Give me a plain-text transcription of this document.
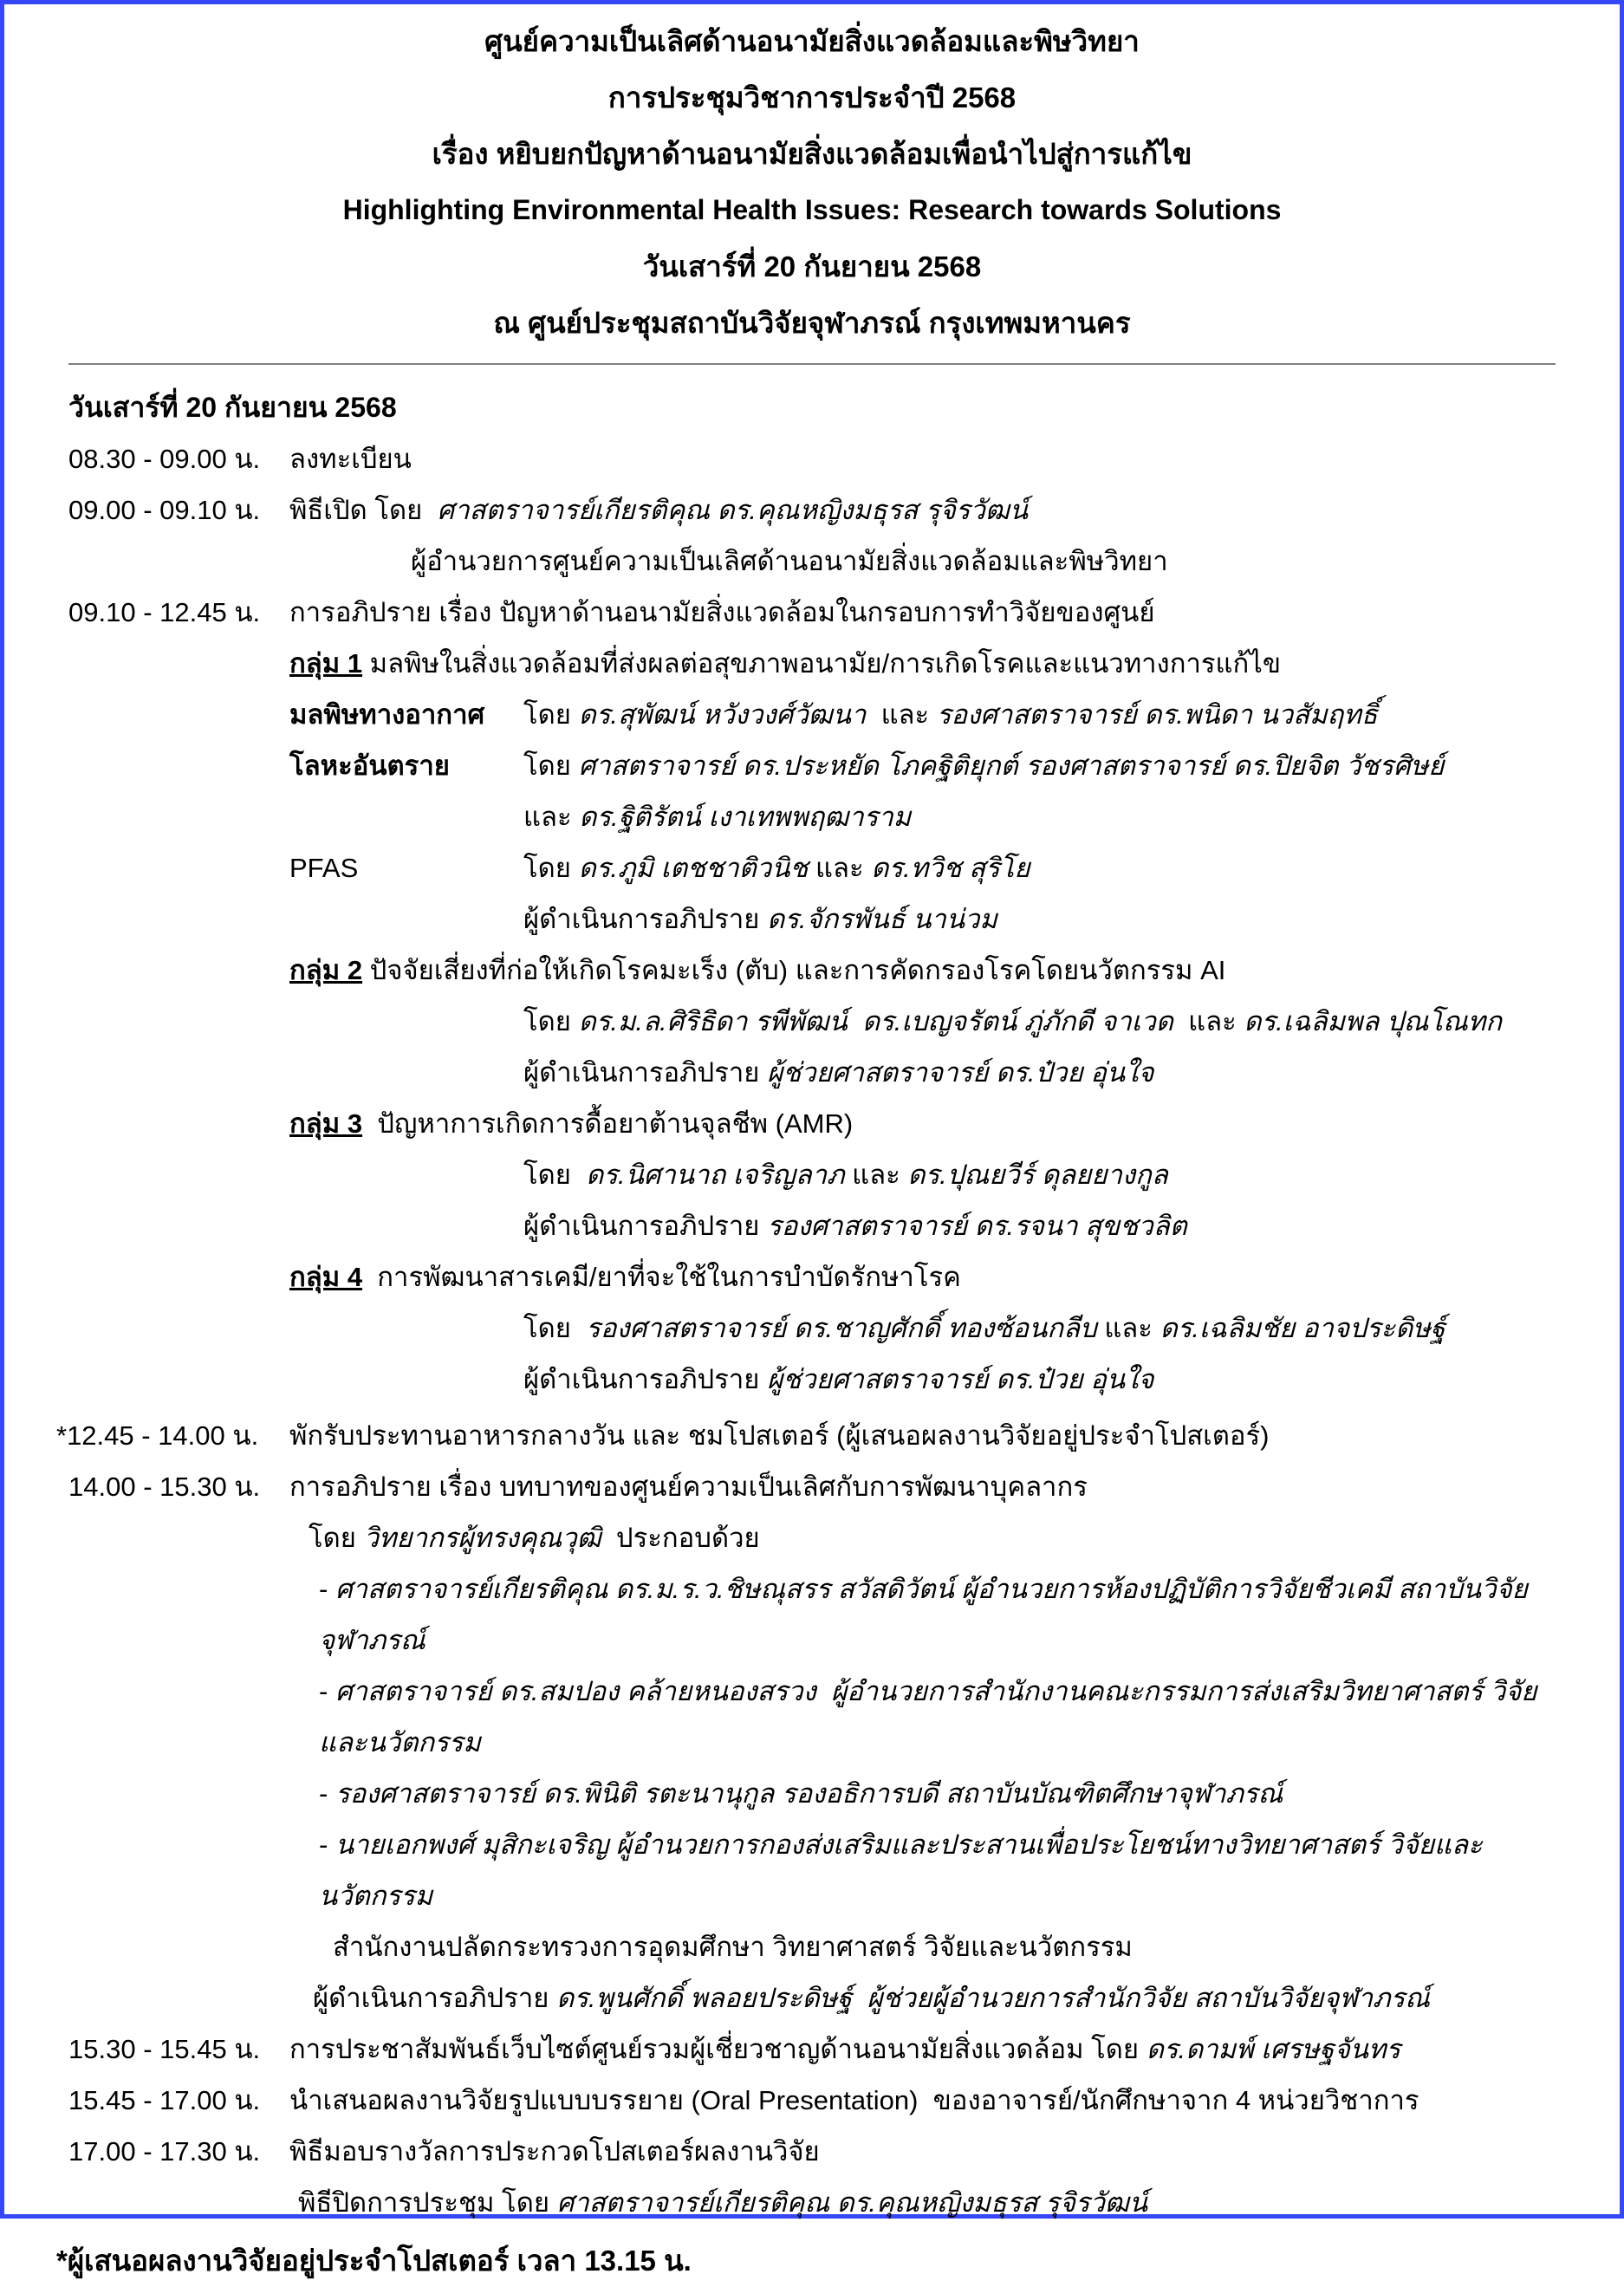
ศูนย์ความเป็นเลิศด้านอนามัยสิ่งแวดล้อมและพิษวิทยา
การประชุมวิชาการประจำปี 2568
เรื่อง หยิบยกปัญหาด้านอนามัยสิ่งแวดล้อมเพื่อนำไปสู่การแก้ไข
Highlighting Environmental Health Issues: Research towards Solutions
วันเสาร์ที่ 20 กันยายน 2568
ณ ศูนย์ประชุมสถาบันวิจัยจุฬาภรณ์ กรุงเทพมหานคร
วันเสาร์ที่ 20 กันยายน 2568
08.30 - 09.00 น.	ลงทะเบียน
09.00 - 09.10 น.	พิธีเปิด โดย  ศาสตราจารย์เกียรติคุณ ดร.คุณหญิงมธุรส รุจิรวัฒน์
ผู้อำนวยการศูนย์ความเป็นเลิศด้านอนามัยสิ่งแวดล้อมและพิษวิทยา
09.10 - 12.45 น.	การอภิปราย เรื่อง ปัญหาด้านอนามัยสิ่งแวดล้อมในกรอบการทำวิจัยของศูนย์
กลุ่ม 1 มลพิษในสิ่งแวดล้อมที่ส่งผลต่อสุขภาพอนามัย/การเกิดโรคและแนวทางการแก้ไข
มลพิษทางอากาศ โดย ดร.สุพัฒน์ หวังวงศ์วัฒนา  และ รองศาสตราจารย์ ดร.พนิดา นวสัมฤทธิ์
โลหะอันตราย	โดย ศาสตราจารย์ ดร.ประหยัด โภคฐิติยุกต์ รองศาสตราจารย์ ดร.ปิยจิต วัชรศิษย์
และ ดร.ฐิติรัตน์ เงาเทพพฤฒาราม
PFAS	โดย ดร.ภูมิ เตชชาติวนิช และ ดร.ทวิช สุริโย
ผู้ดำเนินการอภิปราย ดร.จักรพันธ์ นาน่วม
กลุ่ม 2 ปัจจัยเสี่ยงที่ก่อให้เกิดโรคมะเร็ง (ตับ) และการคัดกรองโรคโดยนวัตกรรม AI
โดย ดร.ม.ล.ศิริธิดา รพีพัฒน์  ดร.เบญจรัตน์ ภู่ภักดี จาเวด  และ ดร.เฉลิมพล ปุณโณทก
ผู้ดำเนินการอภิปราย ผู้ช่วยศาสตราจารย์ ดร.ป๋วย อุ่นใจ
กลุ่ม 3  ปัญหาการเกิดการดื้อยาต้านจุลชีพ (AMR)
โดย  ดร.นิศานาถ เจริญลาภ และ ดร.ปุณยวีร์ ดุลยยางกูล
ผู้ดำเนินการอภิปราย รองศาสตราจารย์ ดร.รจนา สุขชวลิต
กลุ่ม 4  การพัฒนาสารเคมี/ยาที่จะใช้ในการบำบัดรักษาโรค
โดย  รองศาสตราจารย์ ดร.ชาญศักดิ์ ทองซ้อนกลีบ และ ดร.เฉลิมชัย อาจประดิษฐ์
ผู้ดำเนินการอภิปราย ผู้ช่วยศาสตราจารย์ ดร.ป๋วย อุ่นใจ
*12.45 - 14.00 น.	พักรับประทานอาหารกลางวัน และ ชมโปสเตอร์ (ผู้เสนอผลงานวิจัยอยู่ประจำโปสเตอร์)
14.00 - 15.30 น.	การอภิปราย เรื่อง บทบาทของศูนย์ความเป็นเลิศกับการพัฒนาบุคลากร
โดย วิทยากรผู้ทรงคุณวุฒิ  ประกอบด้วย
- ศาสตราจารย์เกียรติคุณ ดร.ม.ร.ว.ชิษณุสรร สวัสดิวัตน์ ผู้อำนวยการห้องปฏิบัติการวิจัยชีวเคมี สถาบันวิจัยจุฬาภรณ์
- ศาสตราจารย์ ดร.สมปอง คล้ายหนองสรวง  ผู้อำนวยการสำนักงานคณะกรรมการส่งเสริมวิทยาศาสตร์ วิจัยและนวัตกรรม
- รองศาสตราจารย์ ดร.พินิติ รตะนานุกูล รองอธิการบดี สถาบันบัณฑิตศึกษาจุฬาภรณ์
- นายเอกพงศ์ มุสิกะเจริญ ผู้อำนวยการกองส่งเสริมและประสานเพื่อประโยชน์ทางวิทยาศาสตร์ วิจัยและนวัตกรรม
สำนักงานปลัดกระทรวงการอุดมศึกษา วิทยาศาสตร์ วิจัยและนวัตกรรม
ผู้ดำเนินการอภิปราย ดร.พูนศักดิ์ พลอยประดิษฐ์ ผู้ช่วยผู้อำนวยการสำนักวิจัย สถาบันวิจัยจุฬาภรณ์
15.30 - 15.45 น.	การประชาสัมพันธ์เว็บไซต์ศูนย์รวมผู้เชี่ยวชาญด้านอนามัยสิ่งแวดล้อม โดย ดร.ดามพ์ เศรษฐจันทร
15.45 - 17.00 น.	นำเสนอผลงานวิจัยรูปแบบบรรยาย (Oral Presentation)  ของอาจารย์/นักศึกษาจาก 4 หน่วยวิชาการ
17.00 - 17.30 น.	พิธีมอบรางวัลการประกวดโปสเตอร์ผลงานวิจัย
พิธีปิดการประชุม โดย ศาสตราจารย์เกียรติคุณ ดร.คุณหญิงมธุรส รุจิรวัฒน์
*ผู้เสนอผลงานวิจัยอยู่ประจำโปสเตอร์ เวลา 13.15 น.
